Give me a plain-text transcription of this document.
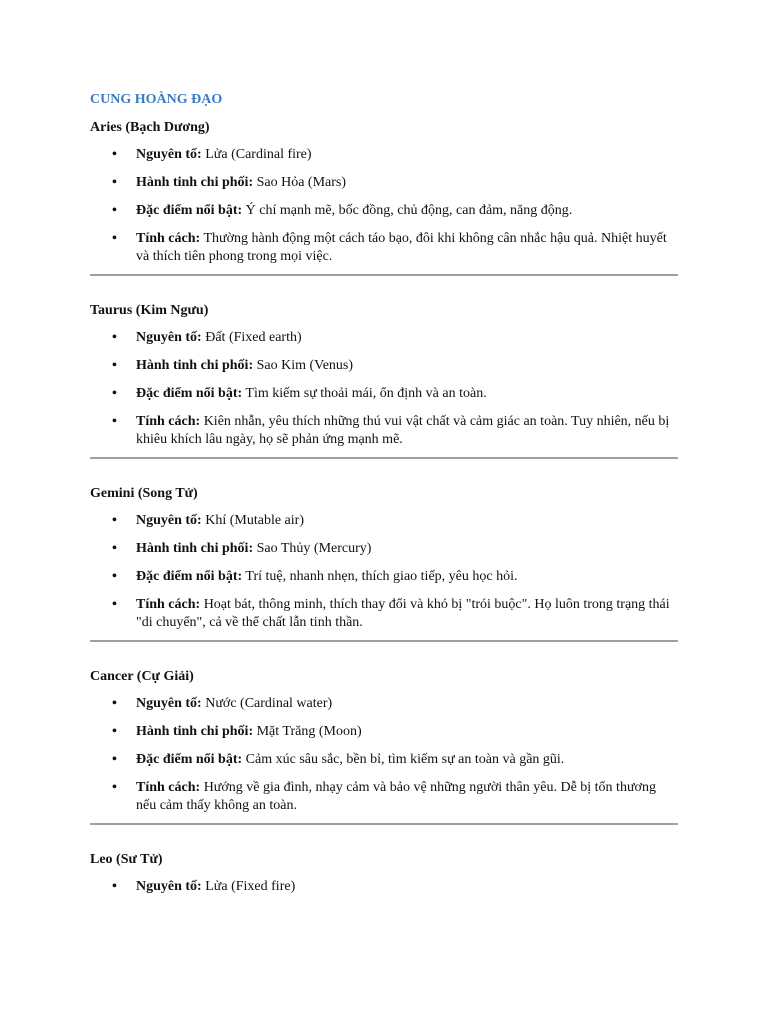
CUNG HOÀNG ĐẠO
Aries (Bạch Dương)
• Nguyên tố: Lửa (Cardinal fire)
• Hành tinh chi phối: Sao Hỏa (Mars)
• Đặc điểm nổi bật: Ý chí mạnh mẽ, bốc đồng, chủ động, can đảm, năng động.
• Tính cách: Thường hành động một cách táo bạo, đôi khi không cân nhắc hậu quả. Nhiệt huyết và thích tiên phong trong mọi việc.
Taurus (Kim Ngưu)
• Nguyên tố: Đất (Fixed earth)
• Hành tinh chi phối: Sao Kim (Venus)
• Đặc điểm nổi bật: Tìm kiếm sự thoải mái, ổn định và an toàn.
• Tính cách: Kiên nhẫn, yêu thích những thú vui vật chất và cảm giác an toàn. Tuy nhiên, nếu bị khiêu khích lâu ngày, họ sẽ phản ứng mạnh mẽ.
Gemini (Song Tử)
• Nguyên tố: Khí (Mutable air)
• Hành tinh chi phối: Sao Thủy (Mercury)
• Đặc điểm nổi bật: Trí tuệ, nhanh nhẹn, thích giao tiếp, yêu học hỏi.
• Tính cách: Hoạt bát, thông minh, thích thay đổi và khó bị "trói buộc". Họ luôn trong trạng thái "di chuyển", cả về thể chất lẫn tinh thần.
Cancer (Cự Giải)
• Nguyên tố: Nước (Cardinal water)
• Hành tinh chi phối: Mặt Trăng (Moon)
• Đặc điểm nổi bật: Cảm xúc sâu sắc, bền bỉ, tìm kiếm sự an toàn và gần gũi.
• Tính cách: Hướng về gia đình, nhạy cảm và bảo vệ những người thân yêu. Dễ bị tổn thương nếu cảm thấy không an toàn.
Leo (Sư Tử)
• Nguyên tố: Lửa (Fixed fire)
